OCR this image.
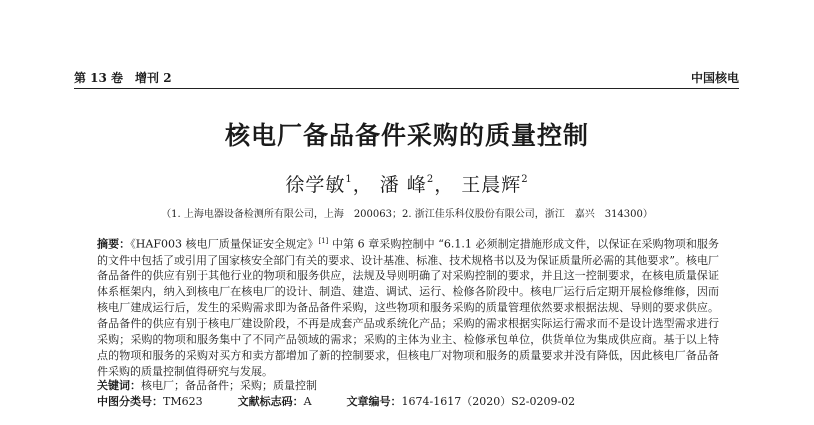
第 13 卷　增刊 2	中国核电
核电厂备品备件采购的质量控制
徐学敏$^1$， 潘 峰$^2$， 王晨辉$^2$
（1. 上海电器设备检测所有限公司，上海　200063；2. 浙江佳乐科仪股份有限公司，浙江　嘉兴　314300）
摘要：《HAF003 核电厂质量保证安全规定》[1] 中第 6 章采购控制中 “6.1.1 必须制定措施形成文件，以保证在采购物项和服务的文件中包括了或引用了国家核安全部门有关的要求、设计基准、标准、技术规格书以及为保证质量所必需的其他要求”。核电厂备品备件的供应有别于其他行业的物项和服务供应，法规及导则明确了对采购控制的要求，并且这一控制要求，在核电质量保证体系框架内，纳入到核电厂在核电厂的设计、制造、建造、调试、运行、检修各阶段中。核电厂运行后定期开展检修维修，因而核电厂建成运行后，发生的采购需求即为备品备件采购，这些物项和服务采购的质量管理依然要求根据法规、导则的要求供应。备品备件的供应有别于核电厂建设阶段，不再是成套产品或系统化产品；采购的需求根据实际运行需求而不是设计选型需求进行采购；采购的物项和服务集中了不同产品领域的需求；采购的主体为业主、检修承包单位，供货单位为集成供应商。基于以上特点的物项和服务的采购对买方和卖方都增加了新的控制要求，但核电厂对物项和服务的质量要求并没有降低，因此核电厂备品备件采购的质量控制值得研究与发展。
关键词：核电厂；备品备件；采购；质量控制
中图分类号：TM623	文献标志码：A	文章编号：1674-1617（2020）S2-0209-02
